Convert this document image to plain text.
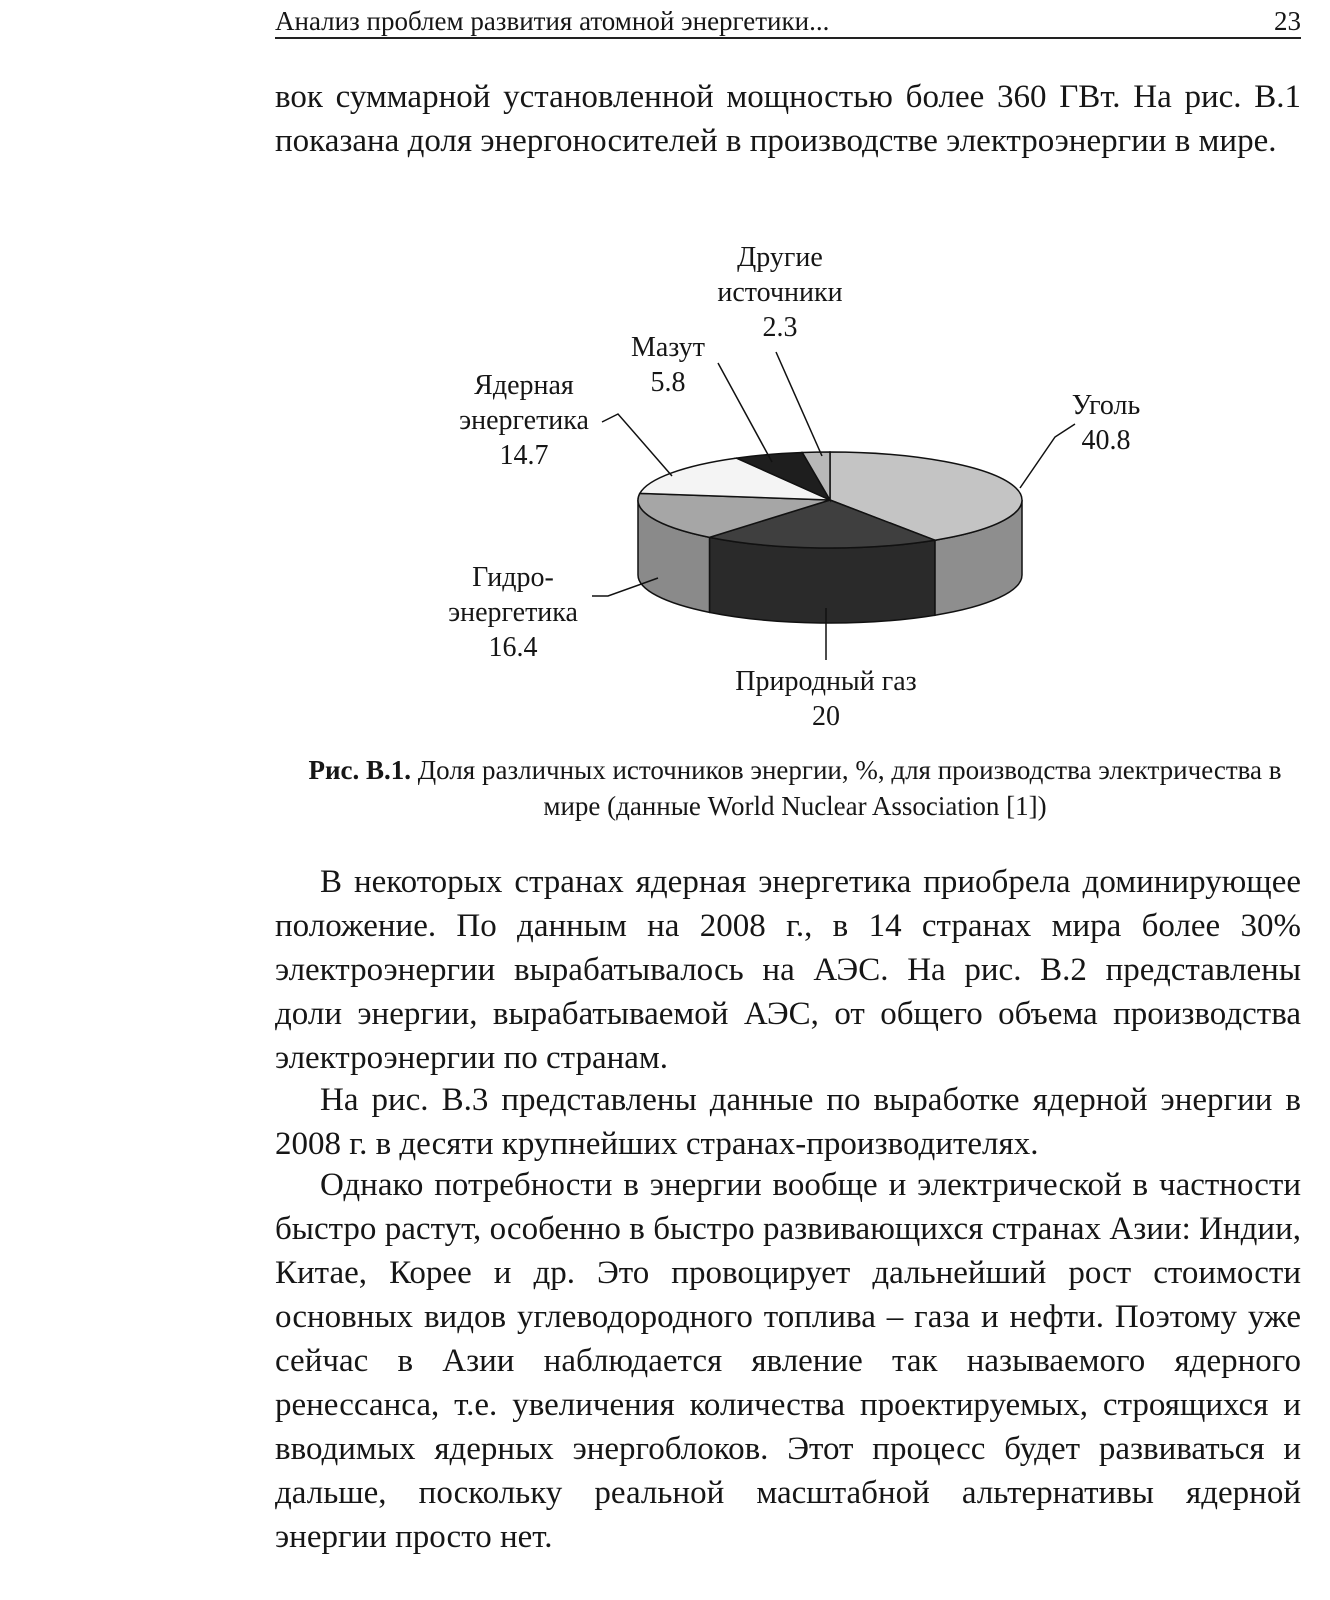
Анализ проблем развития атомной энергетики...	23

вок суммарной установленной мощностью более 360 ГВт. На рис. В.1 показана доля энергоносителей в производстве электроэнергии в мире.

Уголь
40.8
Природный газ
20
Гидро-
энергетика
16.4
Ядерная
энергетика
14.7
Мазут
5.8
Другие
источники
2.3
Рис. В.1. Доля различных источников энергии, %, для производства электричества в мире (данные World Nuclear Association [1])

В некоторых странах ядерная энергетика приобрела доминирующее положение. По данным на 2008 г., в 14 странах мира более 30% электроэнергии вырабатывалось на АЭС. На рис. В.2 представлены доли энергии, вырабатываемой АЭС, от общего объема производства электроэнергии по странам.

На рис. В.3 представлены данные по выработке ядерной энергии в 2008 г. в десяти крупнейших странах-производителях.

Однако потребности в энергии вообще и электрической в частности быстро растут, особенно в быстро развивающихся странах Азии: Индии, Китае, Корее и др. Это провоцирует дальнейший рост стоимости основных видов углеводородного топлива – газа и нефти. Поэтому уже сейчас в Азии наблюдается явление так называемого ядерного ренессанса, т.е. увеличения количества проектируемых, строящихся и вводимых ядерных энергоблоков. Этот процесс будет развиваться и дальше, поскольку реальной масштабной альтернативы ядерной энергии просто нет.
